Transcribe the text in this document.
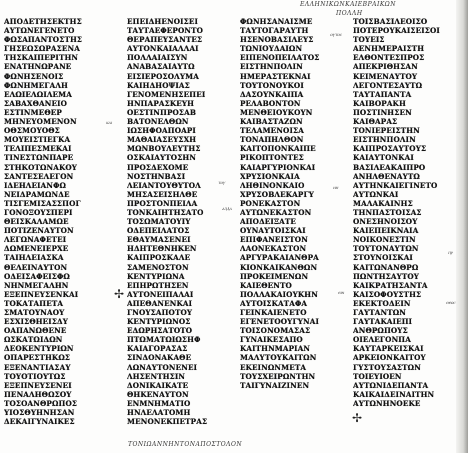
ΕΛΛΗΝΙΚΩΝΚΑΙΕΒΡΑΙΚΩΝ
ΠΟΛΛΗ
ΑΠΟΔΕΤΗΣΕΚΤΗΣ
ΑΥΤΩΝΕΓΕΝΕΤΟ
ΦΩΣΑΠΑΝΤΟΣΤΗΣ
ΓΗΣΕΩΣΩΡΑΣΕΝΑ
ΤΗΣΚΑΙΠΕΡΙΤΗΝ
ΕΝΑΤΗΝΩΡΑΝΕ
ΦΩΝΗΣΕΝΟΙΣ
ΦΩΝΗΜΕΓΑΛΗ
ΕΛΩΙΕΛΩΙΛΕΜΑ
ΣΑΒΑΧΘΑΝΕΙΟ
ΕΣΤΙΝΜΕΘΕΡ
ΜΗΝΕΥΟΜΕΝΟΝ
ΟΘΣΜΟΥΟΘΣ
ΜΟΥΕΙΣΤΙΕΓΚΑ
ΤΕΛΙΠΕΣΜΕΚΑΙ
ΤΙΝΕΣΤΩΝΠΑΡΕ
ΣΤΗΚΟΤΩΝΑΚΟΥ
ΣΑΝΤΕΣΕΛΕΓΟΝ
ΙΔΕΗΛΕΙΑΝΦΩ
ΝΕΙΔΡΑΜΩΝΔΕ
ΤΙΣΓΕΜΙΣΑΣΣΠΟΓ
ΓΟΝΟΞΟΥΣΠΕΡΙ
ΘΕΙΣΚΑΛΑΜΩΕ
ΠΟΤΙΖΕΝΑΥΤΟΝ
ΛΕΓΩΝΑΦΕΤΕΙ
ΔΩΜΕΝΕΙΕΡΧΕ
ΤΑΙΗΛΕΙΑΣΚΑ
ΘΕΛΕΙΝΑΥΤΟΝ
ΟΔΕΙΣΑΦΕΙΣΦΩ
ΝΗΝΜΕΓΑΛΗΝ
ΕΞΕΠΝΕΥΣΕΝΚΑΙ
ΤΟΚΑΤΑΠΕΤΑ
ΣΜΑΤΟΥΝΑΟΥ
ΕΣΧΙΣΘΗΕΙΣΔΥ
ΟΑΠΑΝΩΘΕΝΕ
ΩΣΚΑΤΩΙΔΩΝ
ΔΕΟΚΕΝΤΥΡΙΩΝ
ΟΠΑΡΕΣΤΗΚΩΣ
ΕΞΕΝΑΝΤΙΑΣΑΥ
ΤΟΥΟΤΙΟΥΤΩΣ
ΕΞΕΠΝΕΥΣΕΝΕΙ
ΠΕΝΑΛΗΘΩΣΟΥ
ΤΟΣΟΑΝΘΡΩΠΟΣ
ΥΙΟΣΘΥΗΝΗΣΑΝ
ΔΕΚΑΙΓΥΝΑΙΚΕΣ
ΕΠΕΙΔΗΕΝΟΙΣΕΙ
ΤΑΥΤΑΕΦΕΡΟΝΤΟ
ΘΕΡΑΠΕΥΣΑΝΤΕΣ
ΑΥΤΟΝΚΑΙΑΛΛΑΙ
ΠΟΛΛΑΙΑΙΣΥΝ
ΑΝΑΒΑΣΑΙΑΥΤΩ
ΕΙΣΙΕΡΟΣΟΛΥΜΑ
ΚΑΙΗΔΗΟΨΙΑΣ
ΓΕΝΟΜΕΝΗΣΕΠΕΙ
ΗΝΠΑΡΑΣΚΕΥΗ
ΟΕΣΤΙΝΠΡΟΣΑΒ
ΒΑΤΟΝΕΛΘΩΝ
ΙΩΣΗΦΟΑΠΟΑΡΙ
ΜΑΘΑΙΑΣΕΥΣΧΗ
ΜΩΝΒΟΥΛΕΥΤΗΣ
ΟΣΚΑΙΑΥΤΟΣΗΝ
ΠΡΟΣΔΕΧΟΜΕ
ΝΟΣΤΗΝΒΑΣΙ
ΛΕΙΑΝΤΟΥΘΥΤΟΛ
ΜΗΣΑΣΕΙΣΗΛΘΕ
ΠΡΟΣΤΟΝΠΕΙΛΑ
ΤΟΝΚΑΙΗΤΗΣΑΤΟ
ΤΟΣΩΜΑΤΟΥΙΥ
ΟΔΕΠΕΙΛΑΤΟΣ
ΕΘΑΥΜΑΣΕΝΕΙ
ΗΔΗΤΕΘΝΗΚΕΝ
ΚΑΙΠΡΟΣΚΑΛΕ
ΣΑΜΕΝΟΣΤΟΝ
ΚΕΝΤΥΡΙΩΝΑ
ΕΠΗΡΩΤΗΣΕΝ
ΑΥΤΟΝΕΙΠΑΛΑΙ
ΑΠΕΘΑΝΕΝΚΑΙ
ΓΝΟΥΣΑΠΟΤΟΥ
ΚΕΝΤΥΡΙΩΝΟΣ
ΕΔΩΡΗΣΑΤΟΤΟ
ΠΤΩΜΑΤΩΙΩΣΗΦ
ΚΑΙΑΓΟΡΑΣΑΣ
ΣΙΝΔΟΝΑΚΑΘΕ
ΛΩΝΑΥΤΟΝΕΝΕΙ
ΛΗΣΕΝΤΗΣΙΝ
ΔΟΝΙΚΑΙΚΑΤΕ
ΘΗΚΕΝΑΥΤΟΝ
ΕΝΜΝΗΜΑΤΙΟ
ΗΝΛΕΛΑΤΟΜΗ
ΜΕΝΟΝΕΚΠΕΤΡΑΣ
ΦΩΝΗΣΑΝΑΙΣΜΕ
ΤΑΥΤΟΓΑΡΑΥΤΗ
ΗΣΕΝΟΒΑΣΙΛΕΥΣ
ΤΩΝΙΟΥΔΑΙΩΝ
ΕΙΠΕΝΟΠΕΙΛΑΤΟΣ
ΕΙΣΤΗΝΠΟΛΙΝ
ΗΜΕΡΑΣΤΕΚΝΑΙ
ΤΟΥΤΟΝΟΥΚΟΙ
ΔΑΣΟΥΝΚΑΙΠΑ
ΡΕΛΑΒΟΝΤΟΝ
ΜΕΝΘΕΙΟΥΚΟΥΝ
ΚΑΙΒΑΣΤΑΖΩΝ
ΤΕΛΑΜΕΝΟΙΣΑ
ΤΟΝΑΠΗΛΘΟΝ
ΚΑΙΤΟΠΟΝΚΑΙΠΕ
ΡΙΚΟΠΤΟΝΤΕΣ
ΚΑΙΑΡΓΥΡΙΟΝΚΑΙ
ΧΡΥΣΙΟΝΚΑΙΑ
ΛΗΘΙΝΟΝΚΑΙΟ
ΧΡΥΣΟΒΛΕΚΑΡΓΥ
ΡΟΝΕΚΑΣΤΟΝ
ΑΥΤΩΝΕΚΑΣΤΟΝ
ΑΠΟΔΕΙΞΑΤΕ
ΟΥΝΑΥΤΟΙΣΚΑΙ
ΕΠΙΦΑΝΕΙΣΤΟΝ
ΛΑΟΝΕΚΑΣΤΟΝ
ΑΡΓΥΡΑΚΑΙΑΝΘΡΑ
ΚΙΟΝΚΑΙΚΑΝΘΩΝ
ΠΡΟΚΕΙΜΕΝΩΝ
ΚΑΙΕΘΕΝΤΟ
ΠΟΛΛΑΚΑΙΟΥΚΗΝ
ΑΥΤΟΙΣΚΑΤΑΦΑ
ΓΕΙΝΚΑΙΕΝΕΤΟ
ΕΓΕΝΕΤΟΟΥΓΥΝΑΙ
ΤΟΙΣΟΝΟΜΑΣΑΣ
ΓΥΝΑΙΚΕΣΑΠΟ
ΚΑΙΤΗΝΜΑΡΙΑΝ
ΜΑΛΥΤΟΥΚΑΙΤΩΝ
ΕΚΕΙΝΩΝΜΕΤΑ
ΤΟΥΣΧΕΙΡΩΝΤΗΝ
ΤΑΙΓΥΝΑΙΖΙΝΕΝ
ΤΟΙΣΒΑΣΙΛΕΟΙΣΟ
ΠΟΤΕΡΟΥΚΑΙΣΕΙΣΟΙ
ΤΟΥΕΙΣ
ΑΕΝΗΜΕΡΑΙΣΤΗ
ΕΛΘΟΝΤΕΣΠΡΟΣ
ΑΠΕΚΡΙΘΗΣΑΝ
ΚΕΙΜΕΝΑΥΤΟΥ
ΛΕΓΟΝΤΕΣΑΥΤΩ
ΤΑΥΤΑΠΑΝΤΑ
ΚΑΙΒΟΡΑΚΗ
ΠΟΣΤΙΝΗΣΕΝ
ΚΑΙΘΑΡΑΣ
ΤΟΝΙΕΡΕΙΣΤΗΝ
ΕΙΣΤΗΝΠΟΛΙΝ
ΚΑΙΠΡΟΣΑΥΤΟΥΣ
ΚΑΙΑΥΤΟΝΚΑΙ
ΒΑΣΙΛΕΑΚΑΙΠΡΟ
ΑΝΗΛΘΕΝΑΥΤΩ
ΑΥΤΗΝΚΑΙΕΓΙΝΕΤΟ
ΑΥΤΩΝΚΑΙ
ΜΑΛΑΚΑΙΝΗΣ
ΤΗΝΠΑΣΤΟΙΣΑΣ
ΟΝΕΣΗΝΟΙΣΟΥ
ΚΑΙΕΠΕΙΚΝΑΙΑ
ΝΟΙΚΟΝΕΣΤΙΝ
ΤΟΥΤΟΝΑΥΤΩΝ
ΣΤΟΥΝΟΙΣΚΑΙ
ΚΑΙΤΩΝΑΝΘΡΩ
ΠΩΝΤΗΣΑΥΤΟΥ
ΚΑΙΚΡΑΤΗΣΑΝΤΑ
ΚΑΙΣΟΦΟΥΣΤΗΣ
ΕΚΕΚΤΟΔΕΙΝ
ΓΑΥΤΑΝΤΩΝ
ΓΑΥΤΑΚΑΙΕΠΙ
ΑΝΘΡΩΠΟΥΣ
ΟΙΕΛΕΓΟΝΠΑ
ΚΑΥΤΑΡΚΕΙΣΚΑΙ
ΑΡΚΕΙΟΝΚΑΙΤΟΥ
ΓΥΣΤΟΥΣΑΣΤΩΝ
ΤΟΙΕΥΙΟΕΝ
ΑΥΤΩΝΙΔΕΠΑΝΤΑ
ΚΑΙΚΑΙΔΕΙΝΑΙΤΗΝ
ΑΥΤΩΝΗΝΟΕΚΕ
ⲕⲁⲓ
ⲧⲟⲩ
ⲁⲗⲗⲁ
ⲟⲩⲧⲟⲥ
ⲛⲏ
ⲉⲓⲛ
ⲡⲣ
ⲑⲉⲟⲥ
✢
✢
ΤΟΝΙΩΑΝΝΗΝΤΟΝΑΠΟΣΤΟΛΟΝ
